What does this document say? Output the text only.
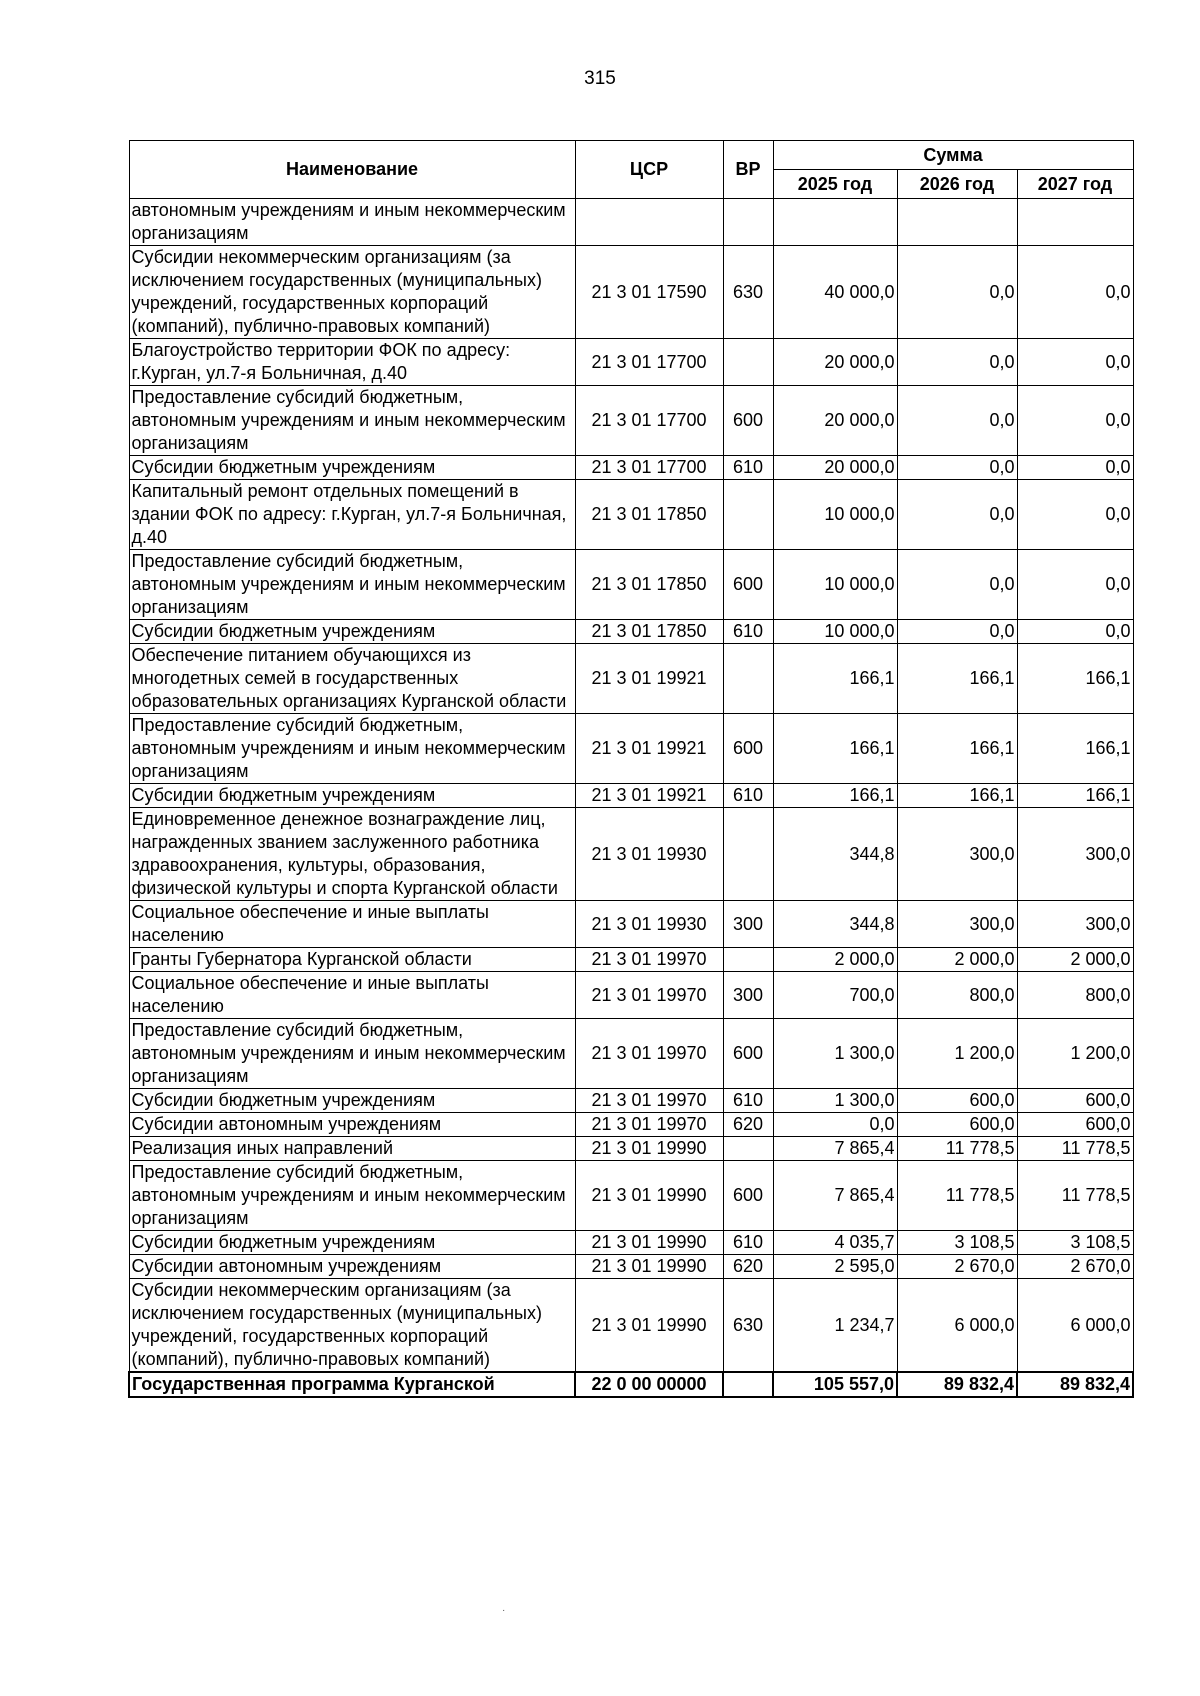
315
Наименование	ЦСР	ВР	Сумма		
			2025 год	2026 год	2027 год
автономным учреждениям и иным некоммерческим организациям					
Субсидии некоммерческим организациям (за исключением государственных (муниципальных) учреждений, государственных корпораций (компаний), публично-правовых компаний)	21 3 01 17590	630	40 000,0	0,0	0,0
Благоустройство территории ФОК по адресу: г.Курган, ул.7-я Больничная, д.40	21 3 01 17700		20 000,0	0,0	0,0
Предоставление субсидий бюджетным, автономным учреждениям и иным некоммерческим организациям	21 3 01 17700	600	20 000,0	0,0	0,0
Субсидии бюджетным учреждениям	21 3 01 17700	610	20 000,0	0,0	0,0
Капитальный ремонт отдельных помещений в здании ФОК по адресу: г.Курган, ул.7-я Больничная, д.40	21 3 01 17850		10 000,0	0,0	0,0
Предоставление субсидий бюджетным, автономным учреждениям и иным некоммерческим организациям	21 3 01 17850	600	10 000,0	0,0	0,0
Субсидии бюджетным учреждениям	21 3 01 17850	610	10 000,0	0,0	0,0
Обеспечение питанием обучающихся из многодетных семей в государственных образовательных организациях Курганской области	21 3 01 19921		166,1	166,1	166,1
Предоставление субсидий бюджетным, автономным учреждениям и иным некоммерческим организациям	21 3 01 19921	600	166,1	166,1	166,1
Субсидии бюджетным учреждениям	21 3 01 19921	610	166,1	166,1	166,1
Единовременное денежное вознаграждение лиц, награжденных званием заслуженного работника здравоохранения, культуры, образования, физической культуры и спорта Курганской области	21 3 01 19930		344,8	300,0	300,0
Социальное обеспечение и иные выплаты населению	21 3 01 19930	300	344,8	300,0	300,0
Гранты Губернатора Курганской области	21 3 01 19970		2 000,0	2 000,0	2 000,0
Социальное обеспечение и иные выплаты населению	21 3 01 19970	300	700,0	800,0	800,0
Предоставление субсидий бюджетным, автономным учреждениям и иным некоммерческим организациям	21 3 01 19970	600	1 300,0	1 200,0	1 200,0
Субсидии бюджетным учреждениям	21 3 01 19970	610	1 300,0	600,0	600,0
Субсидии автономным учреждениям	21 3 01 19970	620	0,0	600,0	600,0
Реализация иных направлений	21 3 01 19990		7 865,4	11 778,5	11 778,5
Предоставление субсидий бюджетным, автономным учреждениям и иным некоммерческим организациям	21 3 01 19990	600	7 865,4	11 778,5	11 778,5
Субсидии бюджетным учреждениям	21 3 01 19990	610	4 035,7	3 108,5	3 108,5
Субсидии автономным учреждениям	21 3 01 19990	620	2 595,0	2 670,0	2 670,0
Субсидии некоммерческим организациям (за исключением государственных (муниципальных) учреждений, государственных корпораций (компаний), публично-правовых компаний)	21 3 01 19990	630	1 234,7	6 000,0	6 000,0
Государственная программа Курганской	22 0 00 00000		105 557,0	89 832,4	89 832,4
·
